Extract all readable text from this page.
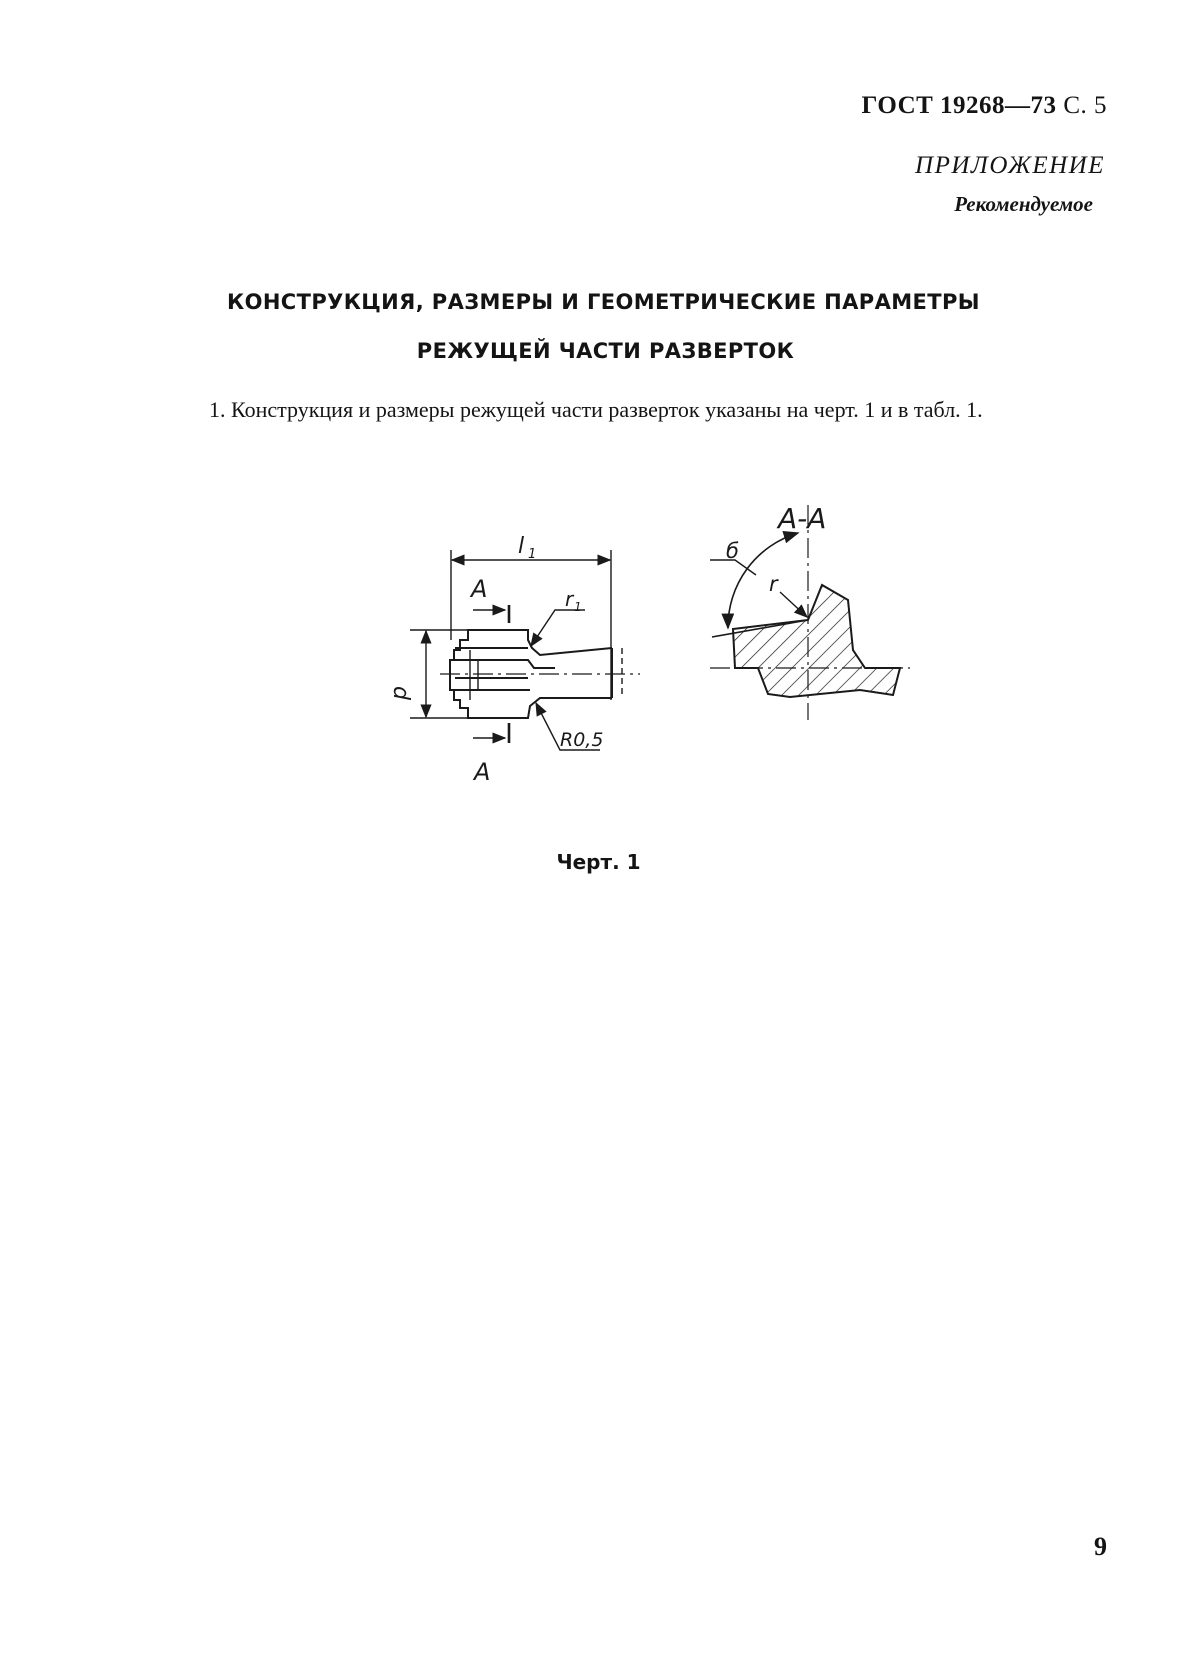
ГОСТ 19268—73 С. 5
ПРИЛОЖЕНИЕ
Рекомендуемое
КОНСТРУКЦИЯ, РАЗМЕРЫ И ГЕОМЕТРИЧЕСКИЕ ПАРАМЕТРЫ
РЕЖУЩЕЙ ЧАСТИ РАЗВЕРТОК
1. Конструкция и размеры режущей части разверток указаны на черт. 1 и в табл. 1.
l 1
А
А
r 1
d
R0,5
А-А
б
r
Черт. 1
9
